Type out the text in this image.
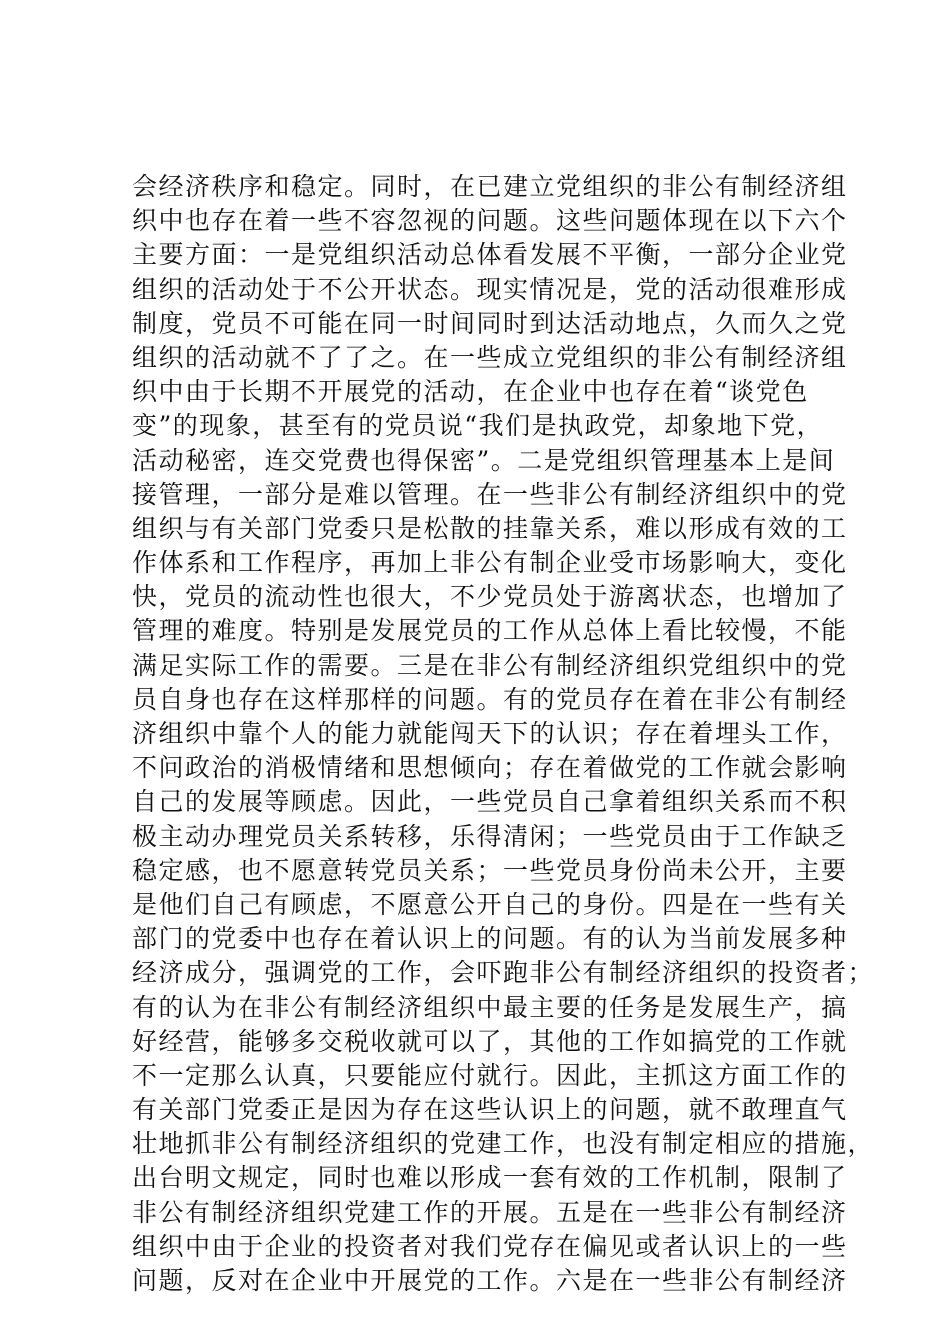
会经济秩序和稳定。同时，在已建立党组织的非公有制经济组
织中也存在着一些不容忽视的问题。这些问题体现在以下六个
主要方面：一是党组织活动总体看发展不平衡，一部分企业党
组织的活动处于不公开状态。现实情况是，党的活动很难形成
制度，党员不可能在同一时间同时到达活动地点，久而久之党
组织的活动就不了了之。在一些成立党组织的非公有制经济组
织中由于长期不开展党的活动，在企业中也存在着“谈党色
变”的现象，甚至有的党员说“我们是执政党，却象地下党，
活动秘密，连交党费也得保密”。二是党组织管理基本上是间
接管理，一部分是难以管理。在一些非公有制经济组织中的党
组织与有关部门党委只是松散的挂靠关系，难以形成有效的工
作体系和工作程序，再加上非公有制企业受市场影响大，变化
快，党员的流动性也很大，不少党员处于游离状态，也增加了
管理的难度。特别是发展党员的工作从总体上看比较慢，不能
满足实际工作的需要。三是在非公有制经济组织党组织中的党
员自身也存在这样那样的问题。有的党员存在着在非公有制经
济组织中靠个人的能力就能闯天下的认识；存在着埋头工作，
不问政治的消极情绪和思想倾向；存在着做党的工作就会影响
自己的发展等顾虑。因此，一些党员自己拿着组织关系而不积
极主动办理党员关系转移，乐得清闲；一些党员由于工作缺乏
稳定感，也不愿意转党员关系；一些党员身份尚未公开，主要
是他们自己有顾虑，不愿意公开自己的身份。四是在一些有关
部门的党委中也存在着认识上的问题。有的认为当前发展多种
经济成分，强调党的工作，会吓跑非公有制经济组织的投资者；
有的认为在非公有制经济组织中最主要的任务是发展生产，搞
好经营，能够多交税收就可以了，其他的工作如搞党的工作就
不一定那么认真，只要能应付就行。因此，主抓这方面工作的
有关部门党委正是因为存在这些认识上的问题，就不敢理直气
壮地抓非公有制经济组织的党建工作，也没有制定相应的措施，
出台明文规定，同时也难以形成一套有效的工作机制，限制了
非公有制经济组织党建工作的开展。五是在一些非公有制经济
组织中由于企业的投资者对我们党存在偏见或者认识上的一些
问题，反对在企业中开展党的工作。六是在一些非公有制经济
